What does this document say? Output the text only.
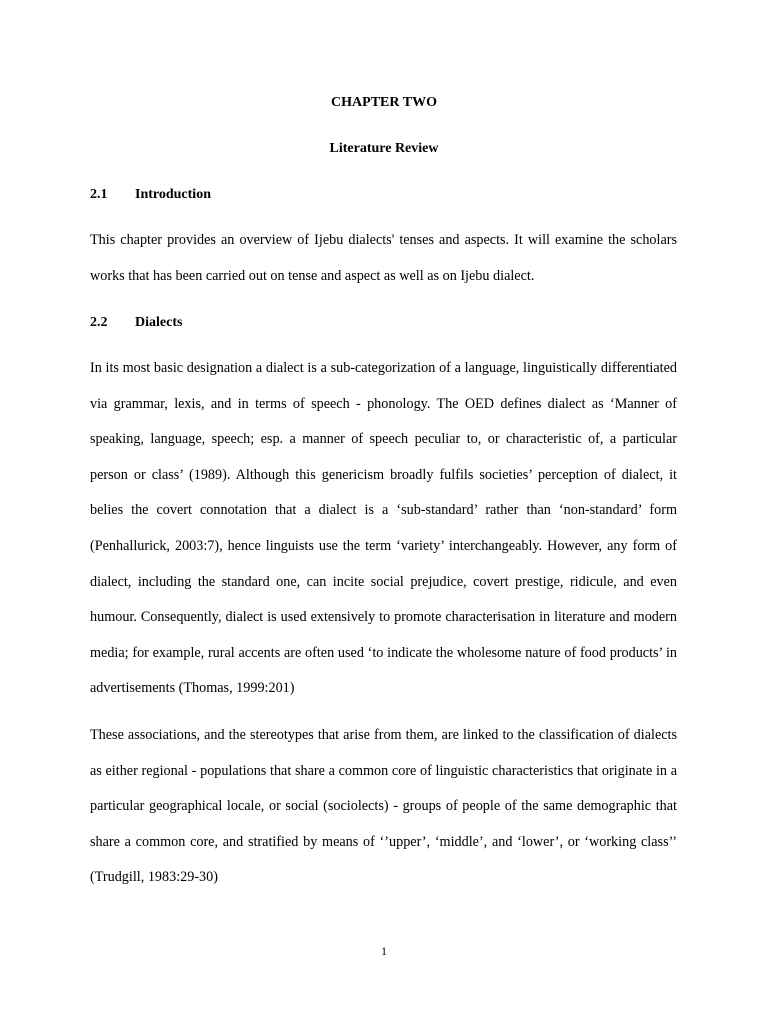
CHAPTER TWO
Literature Review
2.1 Introduction

This chapter provides an overview of Ijebu dialects' tenses and aspects. It will examine the scholars works that has been carried out on tense and aspect as well as on Ijebu dialect.

2.2 Dialects

In its most basic designation a dialect is a sub-categorization of a language, linguistically differentiated via grammar, lexis, and in terms of speech - phonology. The OED defines dialect as ‘Manner of speaking, language, speech; esp. a manner of speech peculiar to, or characteristic of, a particular person or class’ (1989). Although this genericism broadly fulfils societies’ perception of dialect, it belies the covert connotation that a dialect is a ‘sub-standard’ rather than ‘non-standard’ form (Penhallurick, 2003:7), hence linguists use the term ‘variety’ interchangeably. However, any form of dialect, including the standard one, can incite social prejudice, covert prestige, ridicule, and even humour. Consequently, dialect is used extensively to promote characterisation in literature and modern media; for example, rural accents are often used ‘to indicate the wholesome nature of food products’ in advertisements (Thomas, 1999:201)

These associations, and the stereotypes that arise from them, are linked to the classification of dialects as either regional - populations that share a common core of linguistic characteristics that originate in a particular geographical locale, or social (sociolects) - groups of people of the same demographic that share a common core, and stratified by means of ‘’upper’, ‘middle’, and ‘lower’, or ‘working class’’ (Trudgill, 1983:29-30)

1
